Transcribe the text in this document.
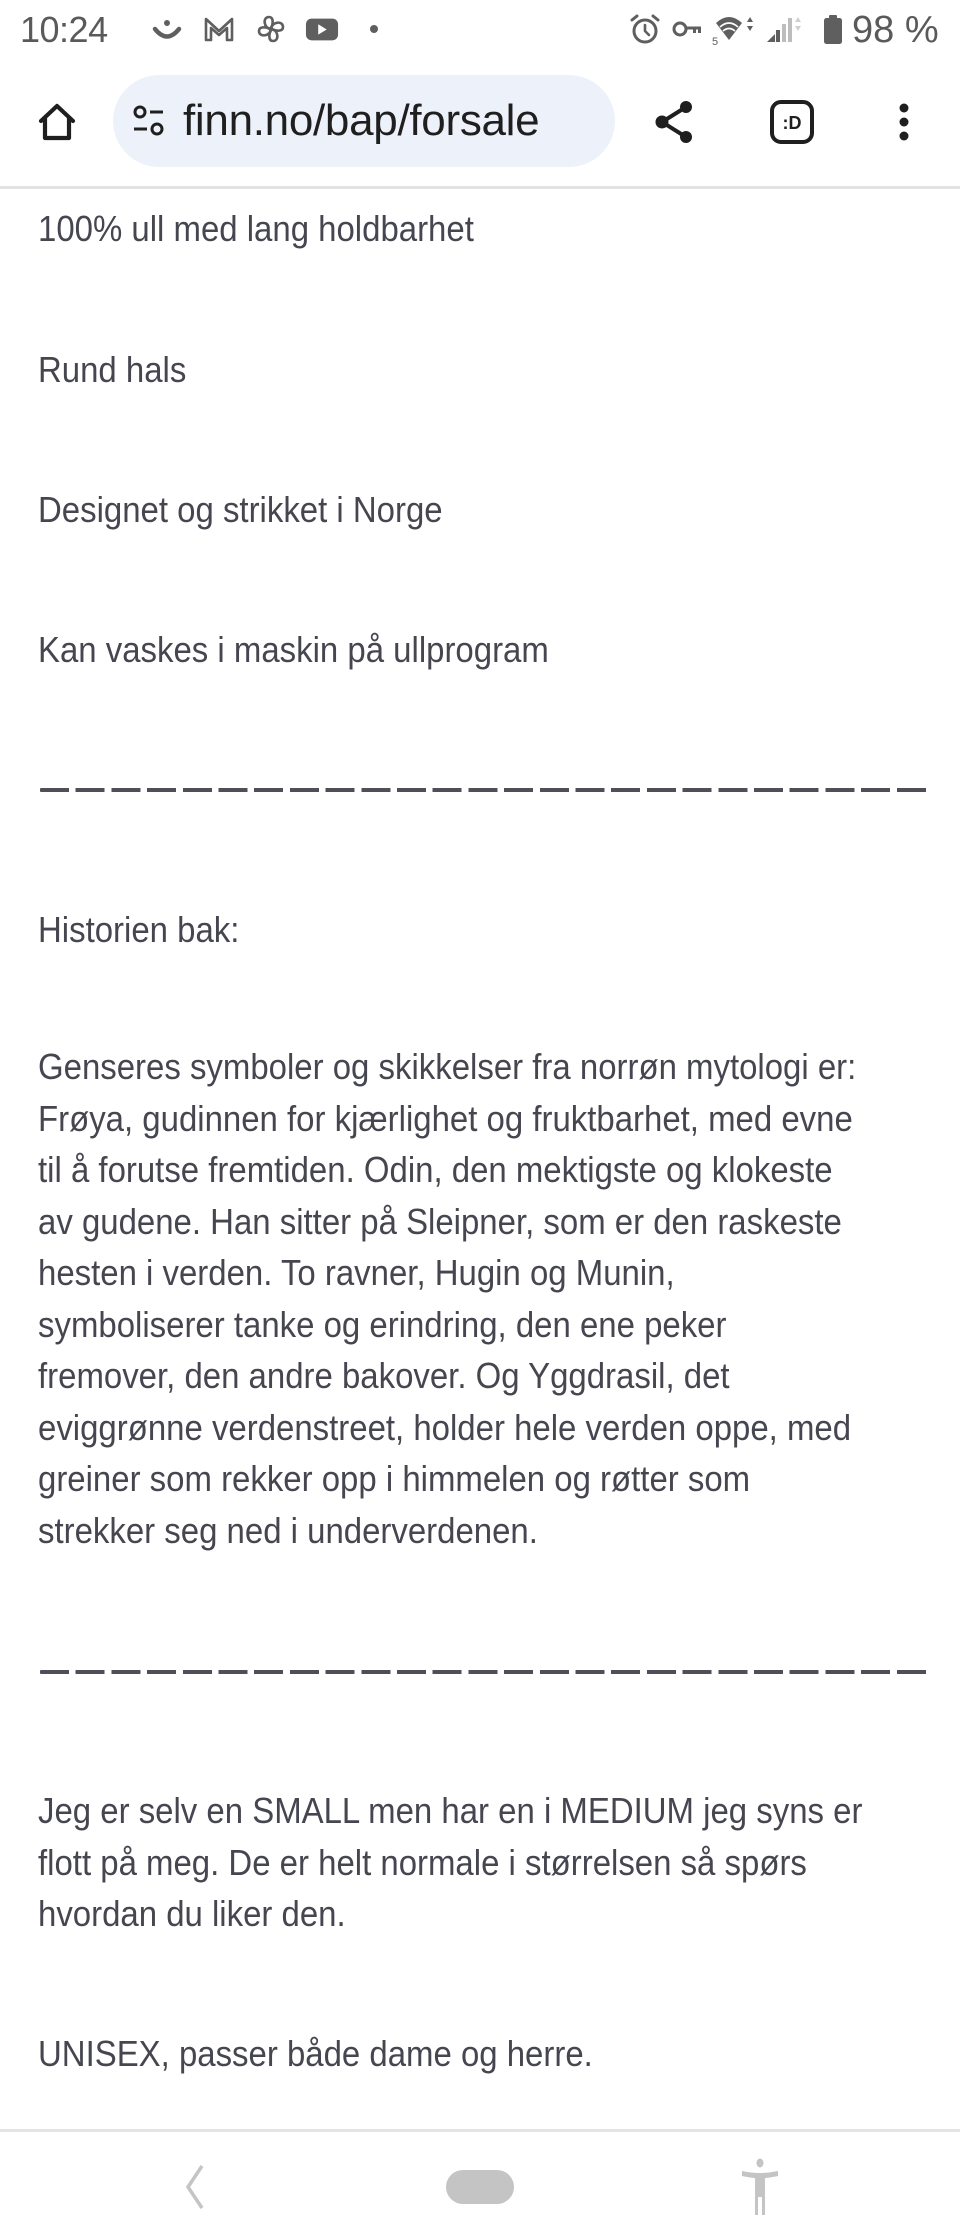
10:24	5	98 %
finn.no/bap/forsale	:D
100% ull med lang holdbarhet
Rund hals
Designet og strikket i Norge
Kan vaskes i maskin på ullprogram
Historien bak:
Genseres symboler og skikkelser fra norrøn mytologi er:
Frøya, gudinnen for kjærlighet og fruktbarhet, med evne
til å forutse fremtiden. Odin, den mektigste og klokeste
av gudene. Han sitter på Sleipner, som er den raskeste
hesten i verden. To ravner, Hugin og Munin,
symboliserer tanke og erindring, den ene peker
fremover, den andre bakover. Og Yggdrasil, det
eviggrønne verdenstreet, holder hele verden oppe, med
greiner som rekker opp i himmelen og røtter som
strekker seg ned i underverdenen.
Jeg er selv en SMALL men har en i MEDIUM jeg syns er
flott på meg. De er helt normale i størrelsen så spørs
hvordan du liker den.
UNISEX, passer både dame og herre.
